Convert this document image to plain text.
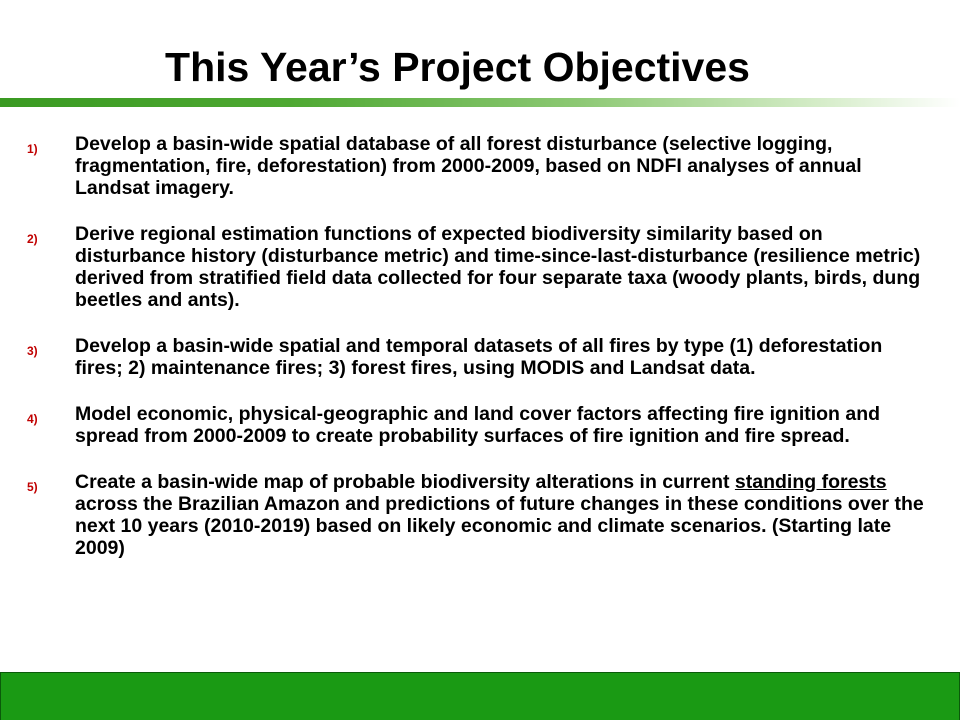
This Year’s Project Objectives
1) Develop a basin-wide spatial database of all forest disturbance (selective logging, fragmentation, fire, deforestation) from 2000-2009, based on NDFI analyses of annual Landsat imagery.

2) Derive regional estimation functions of expected biodiversity similarity based on disturbance history (disturbance metric) and time-since-last-disturbance (resilience metric) derived from stratified field data collected for four separate taxa (woody plants, birds, dung beetles and ants).

3) Develop a basin-wide spatial and temporal datasets of all fires by type (1) deforestation fires; 2) maintenance fires; 3) forest fires, using MODIS and Landsat data.

4) Model economic, physical-geographic and land cover factors affecting fire ignition and spread from 2000-2009 to create probability surfaces of fire ignition and fire spread.

5) Create a basin-wide map of probable biodiversity alterations in current standing forests across the Brazilian Amazon and predictions of future changes in these conditions over the next 10 years (2010-2019) based on likely economic and climate scenarios. (Starting late 2009)
